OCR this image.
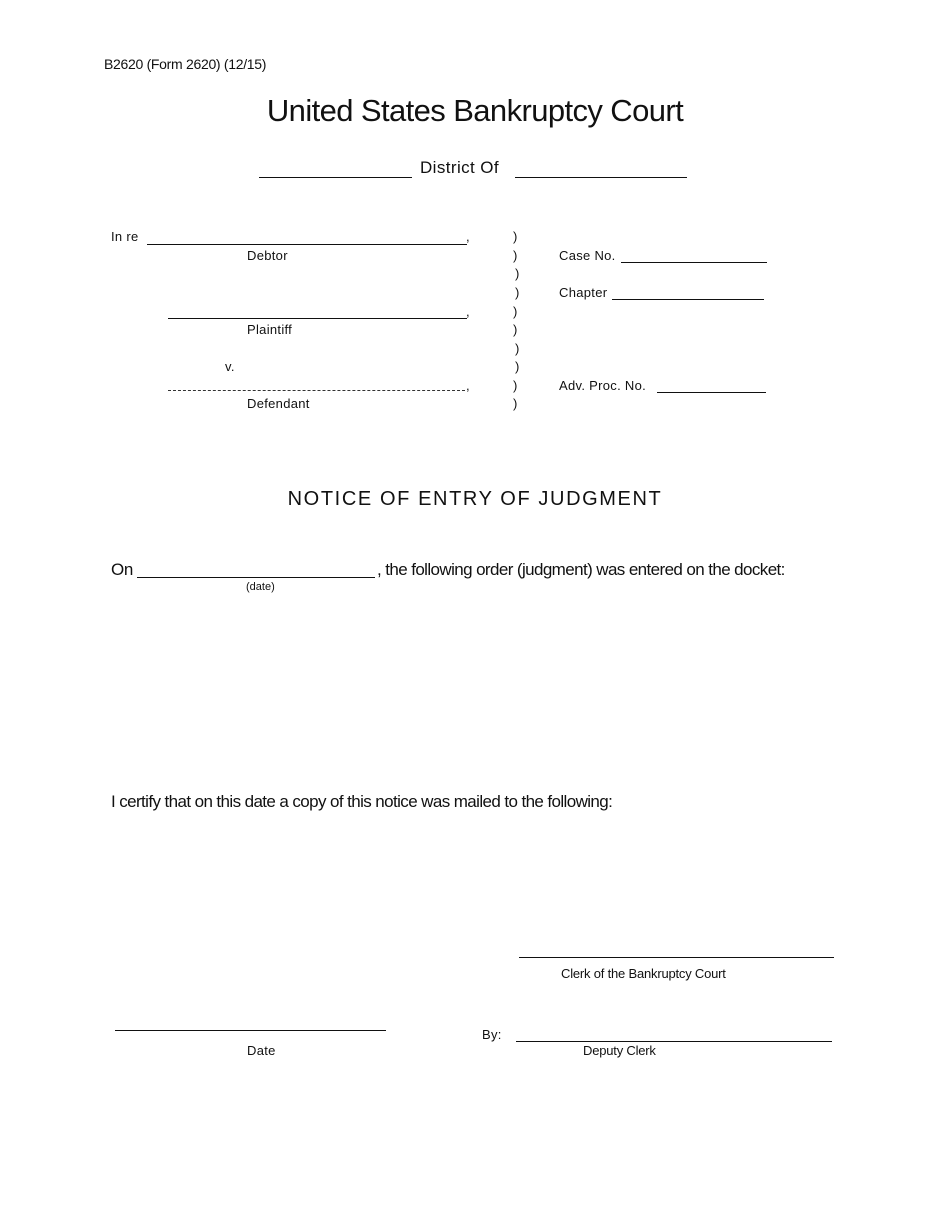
B2620 (Form 2620) (12/15)
United States Bankruptcy Court
District Of
In re	,
Debtor
,
Plaintiff
v.
,
Defendant
)
)
)
)
)
)
)
)
)
)
Case No.
Chapter
Adv. Proc. No.
NOTICE OF ENTRY OF JUDGMENT
On	, the following order (judgment) was entered on the docket:
(date)
I certify that on this date a copy of this notice was mailed to the following:
Clerk of the Bankruptcy Court
Date
By:
Deputy Clerk
